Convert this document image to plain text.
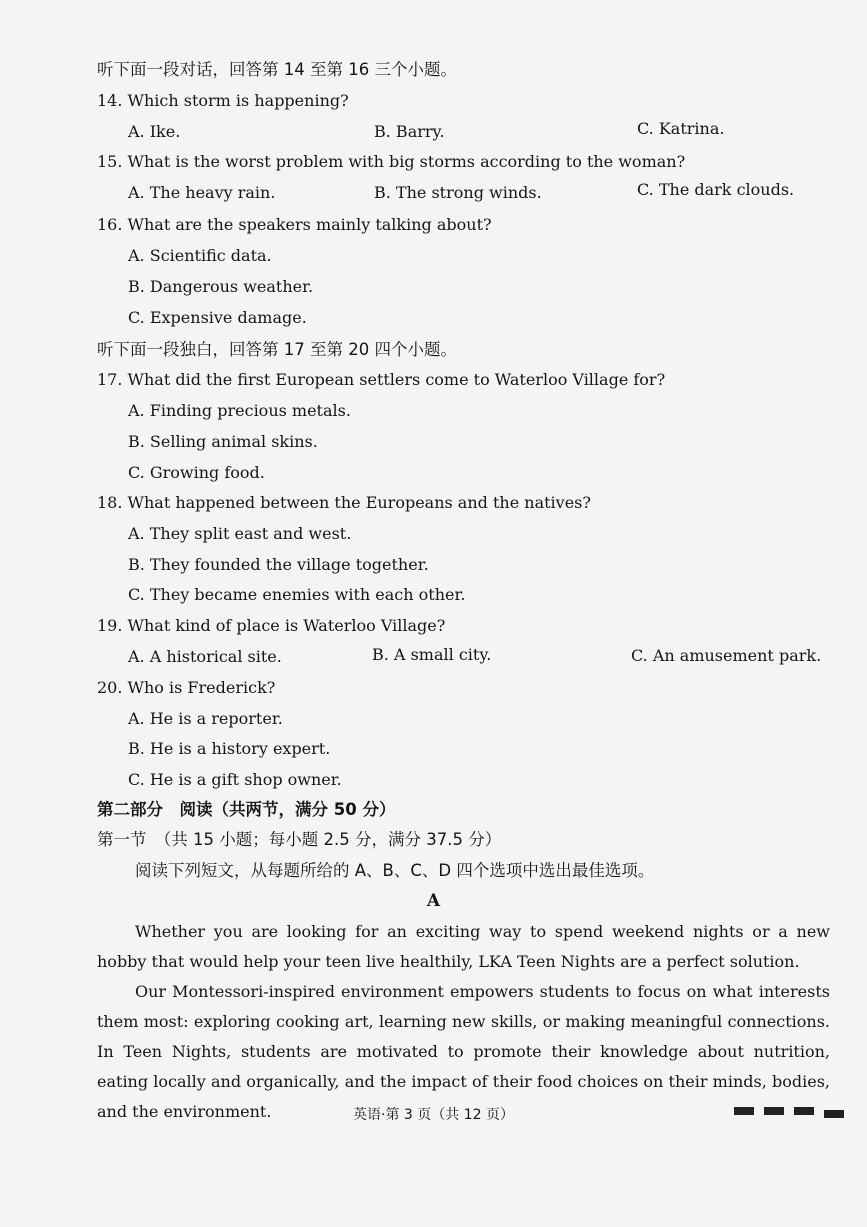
听下面一段对话，回答第 14 至第 16 三个小题。
14. Which storm is happening?
A. Ike.	B. Barry.	C. Katrina.
15. What is the worst problem with big storms according to the woman?
A. The heavy rain.	B. The strong winds.	C. The dark clouds.
16. What are the speakers mainly talking about?
A. Scientific data.
B. Dangerous weather.
C. Expensive damage.
听下面一段独白，回答第 17 至第 20 四个小题。
17. What did the first European settlers come to Waterloo Village for?
A. Finding precious metals.
B. Selling animal skins.
C. Growing food.
18. What happened between the Europeans and the natives?
A. They split east and west.
B. They founded the village together.
C. They became enemies with each other.
19. What kind of place is Waterloo Village?
A. A historical site.	B. A small city.	C. An amusement park.
20. Who is Frederick?
A. He is a reporter.
B. He is a history expert.
C. He is a gift shop owner.
第二部分　阅读（共两节，满分 50 分）
第一节　（共 15 小题；每小题 2.5 分，满分 37.5 分）
阅读下列短文，从每题所给的 A、B、C、D 四个选项中选出最佳选项。
A
Whether you are looking for an exciting way to spend weekend nights or a new hobby that would help your teen live healthily, LKA Teen Nights are a perfect solution.
Our Montessori-inspired environment empowers students to focus on what interests them most: exploring cooking art, learning new skills, or making meaningful connections. In Teen Nights, students are motivated to promote their knowledge about nutrition, eating locally and organically, and the impact of their food choices on their minds, bodies, and the environment.	英语·第 3 页（共 12 页）
